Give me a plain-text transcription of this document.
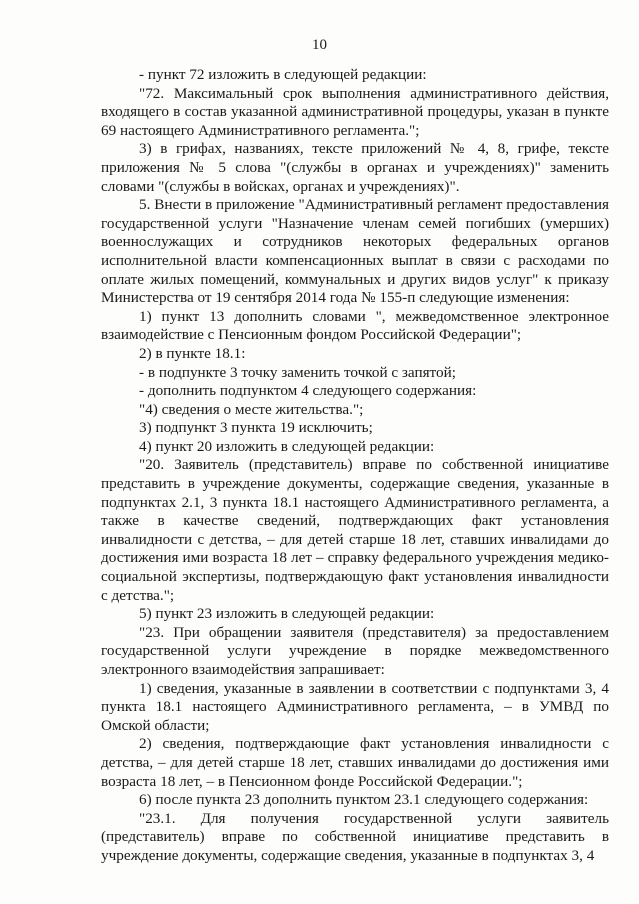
10

- пункт 72 изложить в следующей редакции:

"72. Максимальный срок выполнения административного действия, входящего в состав указанной административной процедуры, указан в пункте 69 настоящего Административного регламента.";

3) в грифах, названиях, тексте приложений № 4, 8, грифе, тексте приложения № 5 слова "(службы в органах и учреждениях)" заменить словами "(службы в войсках, органах и учреждениях)".

5. Внести в приложение "Административный регламент предоставления государственной услуги "Назначение членам семей погибших (умерших) военнослужащих и сотрудников некоторых федеральных органов исполнительной власти компенсационных выплат в связи с расходами по оплате жилых помещений, коммунальных и других видов услуг" к приказу Министерства от 19 сентября 2014 года № 155-п следующие изменения:

1) пункт 13 дополнить словами ", межведомственное электронное взаимодействие с Пенсионным фондом Российской Федерации";

2) в пункте 18.1:

- в подпункте 3 точку заменить точкой с запятой;

- дополнить подпунктом 4 следующего содержания:

"4) сведения о месте жительства.";

3) подпункт 3 пункта 19 исключить;

4) пункт 20 изложить в следующей редакции:

"20. Заявитель (представитель) вправе по собственной инициативе представить в учреждение документы, содержащие сведения, указанные в подпунктах 2.1, 3 пункта 18.1 настоящего Административного регламента, а также в качестве сведений, подтверждающих факт установления инвалидности с детства, – для детей старше 18 лет, ставших инвалидами до достижения ими возраста 18 лет – справку федерального учреждения медико-социальной экспертизы, подтверждающую факт установления инвалидности с детства.";

5) пункт 23 изложить в следующей редакции:

"23. При обращении заявителя (представителя) за предоставлением государственной услуги учреждение в порядке межведомственного электронного взаимодействия запрашивает:

1) сведения, указанные в заявлении в соответствии с подпунктами 3, 4 пункта 18.1 настоящего Административного регламента, – в УМВД по Омской области;

2) сведения, подтверждающие факт установления инвалидности с детства, – для детей старше 18 лет, ставших инвалидами до достижения ими возраста 18 лет, – в Пенсионном фонде Российской Федерации.";

6) после пункта 23 дополнить пунктом 23.1 следующего содержания:

"23.1. Для получения государственной услуги заявитель (представитель) вправе по собственной инициативе представить в учреждение документы, содержащие сведения, указанные в подпунктах 3, 4
